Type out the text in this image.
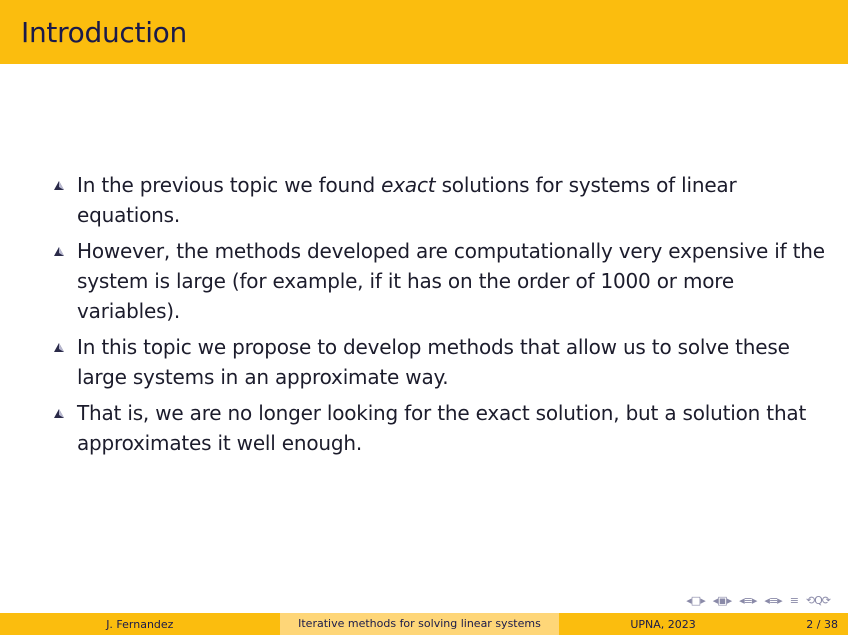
Introduction
In the previous topic we found exact solutions for systems of linear equations.
However, the methods developed are computationally very expensive if the system is large (for example, if it has on the order of 1000 or more variables).
In this topic we propose to develop methods that allow us to solve these large systems in an approximate way.
That is, we are no longer looking for the exact solution, but a solution that approximates it well enough.
◂□▸ ◂▣▸ ◂≡▸ ◂≡▸ ≡ ⟲Q⟳
J. Fernandez	Iterative methods for solving linear systems	UPNA, 2023	2 / 38
